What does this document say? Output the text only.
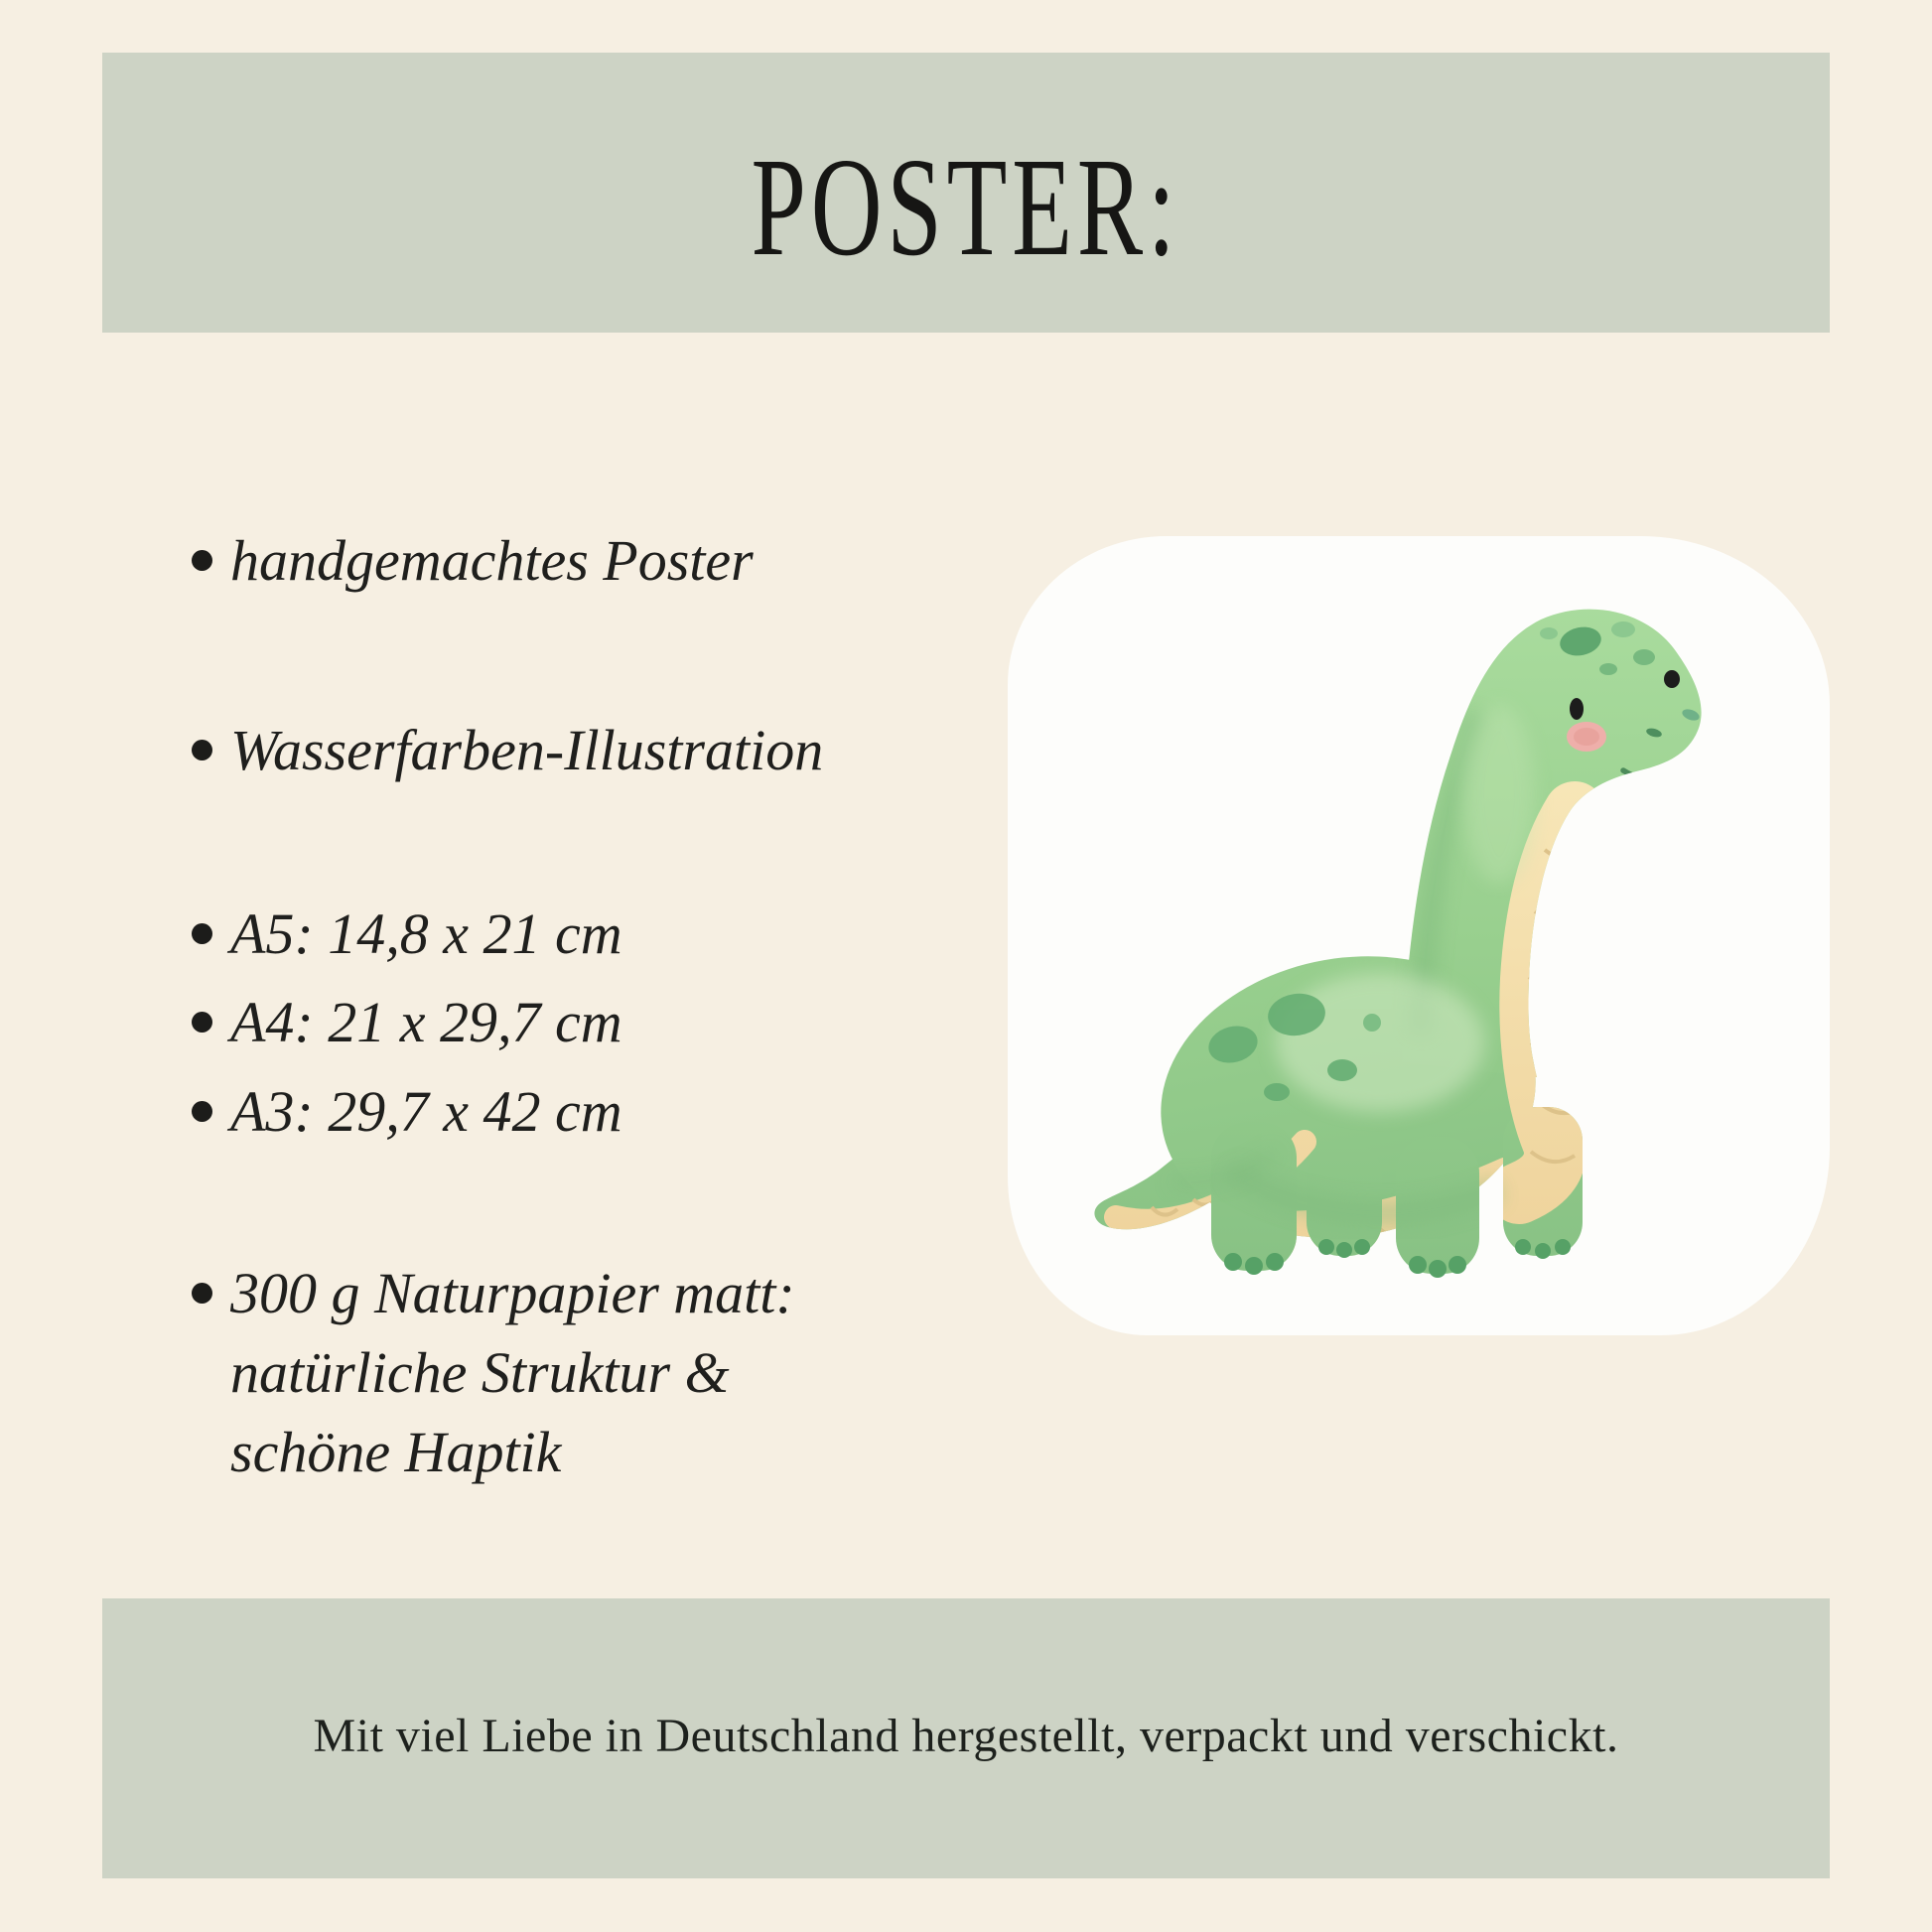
POSTER:
handgemachtes Poster
Wasserfarben-Illustration
A5: 14,8 x 21 cm
A4: 21 x 29,7 cm
A3: 29,7 x 42 cm
300 g Naturpapier matt:
natürliche Struktur &
schöne Haptik
Mit viel Liebe in Deutschland hergestellt, verpackt und verschickt.
